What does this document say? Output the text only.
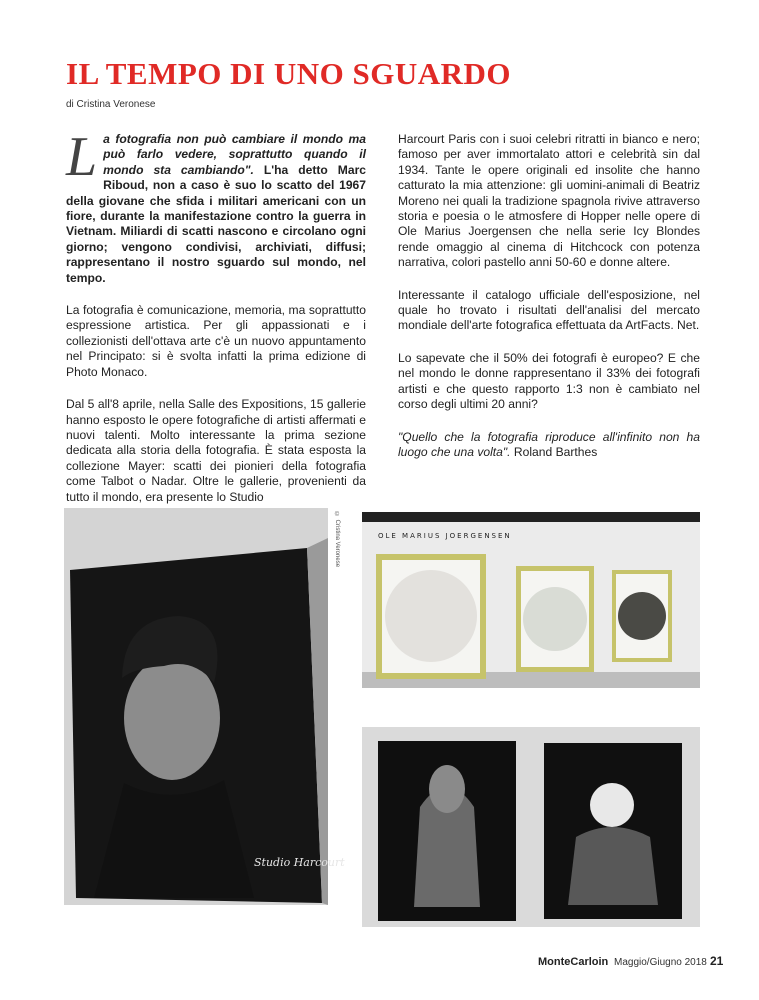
IL TEMPO DI UNO SGUARDO
di Cristina Veronese

La fotografia non può cambiare il mondo ma può farlo vedere, soprattutto quando il mondo sta cambiando". L'ha detto Marc Riboud, non a caso è suo lo scatto del 1967 della giovane che sfida i militari americani con un fiore, durante la manifestazione contro la guerra in Vietnam. Miliardi di scatti nascono e circolano ogni giorno; vengono condivisi, archiviati, diffusi; rappresentano il nostro sguardo sul mondo, nel tempo.

La fotografia è comunicazione, memoria, ma soprattutto espressione artistica. Per gli appassionati e i collezionisti dell'ottava arte c'è un nuovo appuntamento nel Principato: si è svolta infatti la prima edizione di Photo Monaco.

Dal 5 all'8 aprile, nella Salle des Expositions, 15 gallerie hanno esposto le opere fotografiche di artisti affermati e nuovi talenti. Molto interessante la prima sezione dedicata alla storia della fotografia. È stata esposta la collezione Mayer: scatti dei pionieri della fotografia come Talbot o Nadar. Oltre le gallerie, provenienti da tutto il mondo, era presente lo Studio

Harcourt Paris con i suoi celebri ritratti in bianco e nero; famoso per aver immortalato attori e celebrità sin dal 1934. Tante le opere originali ed insolite che hanno catturato la mia attenzione: gli uomini-animali di Beatriz Moreno nei quali la tradizione spagnola rivive attraverso storia e poesia o le atmosfere di Hopper nelle opere di Ole Marius Joergensen che nella serie Icy Blondes rende omaggio al cinema di Hitchcock con potenza narrativa, colori pastello anni 50-60 e donne altere.

Interessante il catalogo ufficiale dell'esposizione, nel quale ho trovato i risultati dell'analisi del mercato mondiale dell'arte fotografica effettuata da ArtFacts. Net.

Lo sapevate che il 50% dei fotografi è europeo? E che nel mondo le donne rappresentano il 33% dei fotografi artisti e che questo rapporto 1:3 non è cambiato nel corso degli ultimi 20 anni?

"Quello che la fotografia riproduce all'infinito non ha luogo che una volta". Roland Barthes

Studio Harcourt
© Cristina Veronese	OLE MARIUS JOERGENSEN
MonteCarloin Maggio/Giugno 2018 21
